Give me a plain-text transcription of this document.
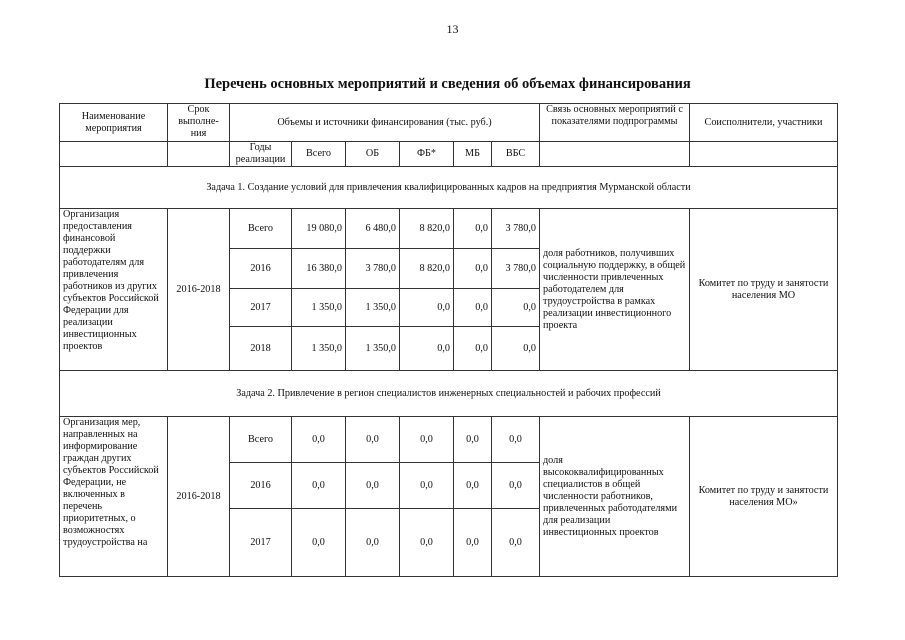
13
Перечень основных мероприятий и сведения об объемах финансирования
Наименование мероприятия	Срок выполне-ния	Объемы и источники финансирования (тыс. руб.)						Связь основных мероприятий с показателями подпрограммы	Соисполнители, участники
		Годы реализации	Всего	ОБ	ФБ*	МБ	ВБС		
Задача 1. Создание условий для привлечения квалифицированных кадров на предприятия Мурманской области									
Организация предоставления финансовой поддержки работодателям для привлечения работников из других субъектов Российской Федерации для реализации инвестиционных проектов	2016-2018	Всего	19 080,0	6 480,0	8 820,0	0,0	3 780,0	доля работников, получивших социальную поддержку, в общей численности привлеченных работодателем для трудоустройства в рамках реализации инвестиционного проекта	Комитет по труду и занятости населения МО
		2016	16 380,0	3 780,0	8 820,0	0,0	3 780,0		
		2017	1 350,0	1 350,0	0,0	0,0	0,0		
		2018	1 350,0	1 350,0	0,0	0,0	0,0		
Задача 2. Привлечение в регион специалистов инженерных специальностей и рабочих профессий									
Организация мер, направленных на информирование граждан других субъектов Российской Федерации, не включенных в перечень приоритетных, о возможностях трудоустройства на	2016-2018	Всего	0,0	0,0	0,0	0,0	0,0	доля высококвалифицированных специалистов в общей численности работников, привлеченных работодателями для реализации инвестиционных проектов	Комитет по труду и занятости населения МО»
		2016	0,0	0,0	0,0	0,0	0,0		
		2017	0,0	0,0	0,0	0,0	0,0		
